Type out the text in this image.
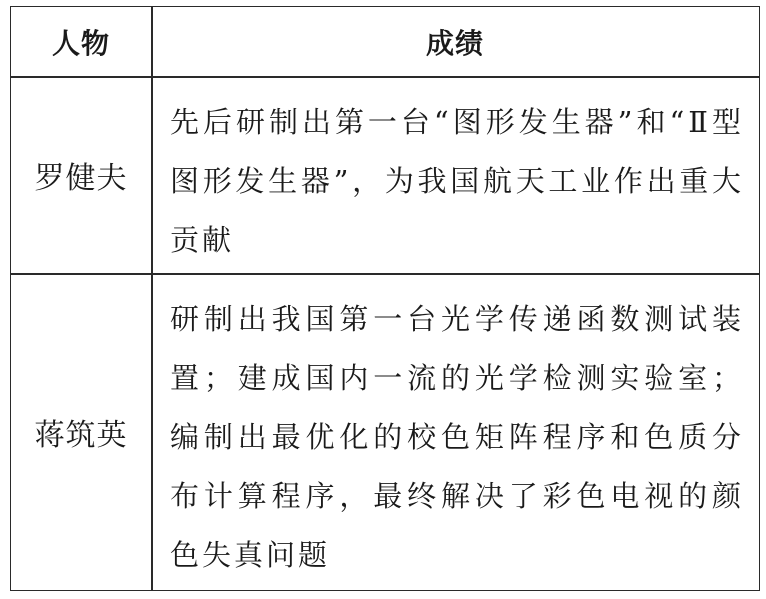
人物	成绩
罗健夫
先后研制出第一台“图形发生器”和“Ⅱ型图形发生器”，为我国航天工业作出重大贡献
蒋筑英
研制出我国第一台光学传递函数测试装置；建成国内一流的光学检测实验室；编制出最优化的校色矩阵程序和色质分布计算程序，最终解决了彩色电视的颜色失真问题
